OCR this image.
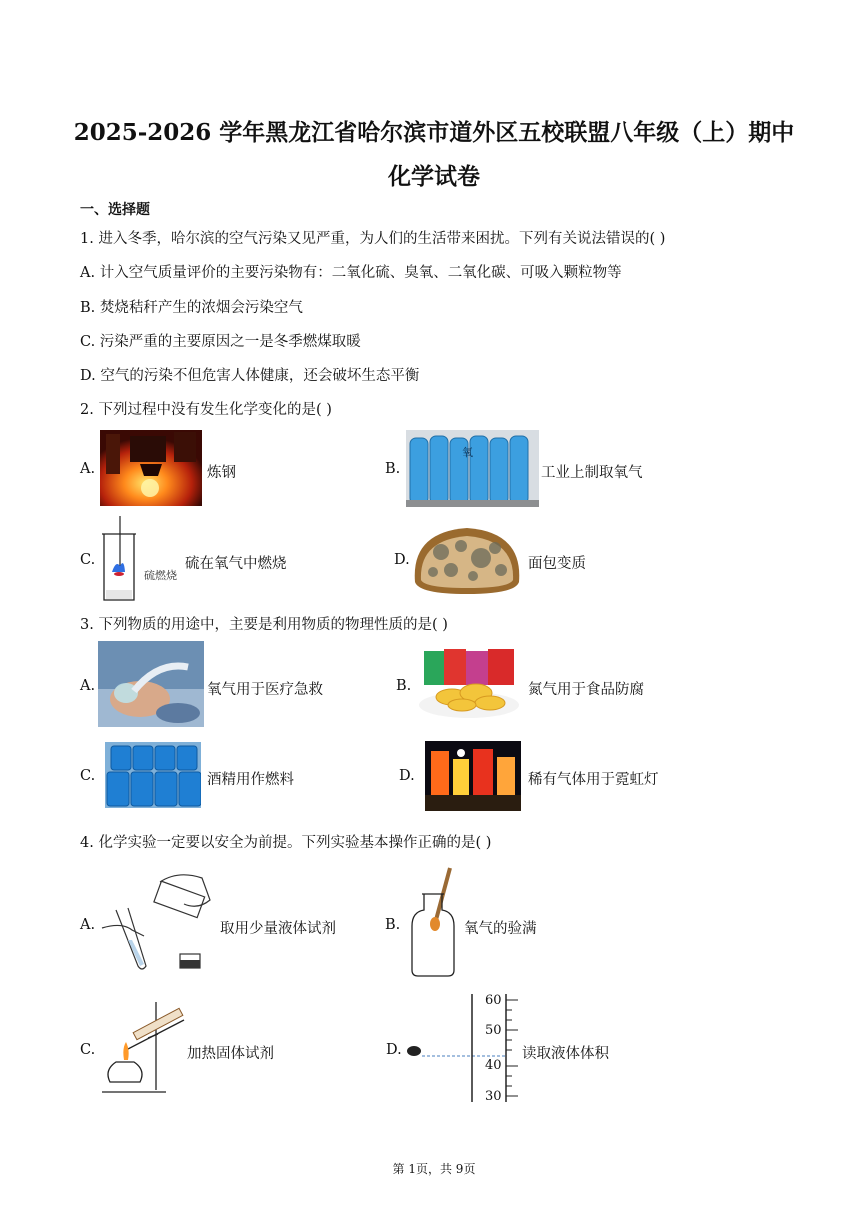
2025-2026 学年黑龙江省哈尔滨市道外区五校联盟八年级（上）期中
化学试卷
一、选择题
1. 进入冬季，哈尔滨的空气污染又见严重，为人们的生活带来困扰。下列有关说法错误的( )
A. 计入空气质量评价的主要污染物有：二氧化硫、臭氧、二氧化碳、可吸入颗粒物等
B. 焚烧秸秆产生的浓烟会污染空气
C. 污染严重的主要原因之一是冬季燃煤取暖
D. 空气的污染不但危害人体健康，还会破坏生态平衡
2. 下列过程中没有发生化学变化的是( )
A.	炼钢	B.
氧
工业上制取氧气
C.
硫燃烧
硫在氧气中燃烧	D.	面包变质
3. 下列物质的用途中，主要是利用物质的物理性质的是( )
A.	氧气用于医疗急救	B.	氮气用于食品防腐
C.	酒精用作燃料	D.	稀有气体用于霓虹灯
4. 化学实验一定要以安全为前提。下列实验基本操作正确的是( )
A.	取用少量液体试剂	B.	氧气的验满
C.	加热固体试剂	D.
60
50
40
30
读取液体体积
第 1页，共 9页
